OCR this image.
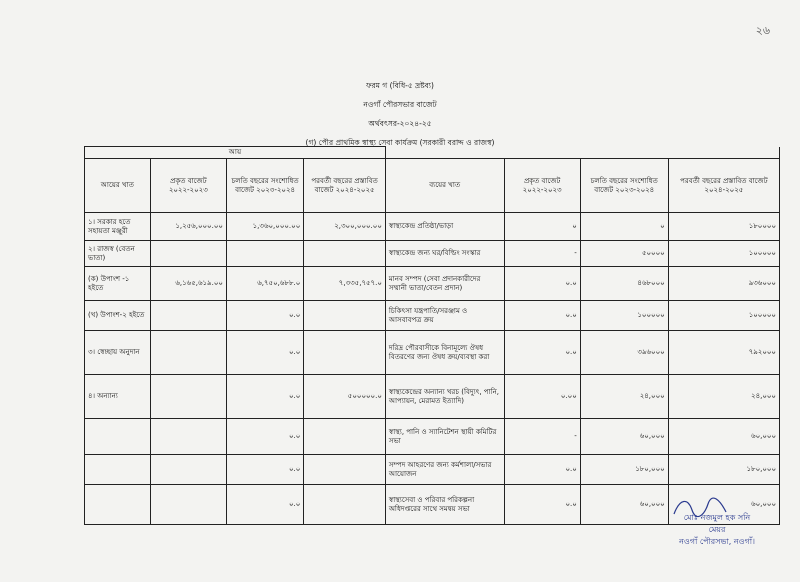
২৬
ফরম গ (বিধি-৫ দ্রষ্টব্য)
নওগাঁ পৌরসভার বাজেট
অর্থবৎসর-২০২৪-২৫
(গ) পৌর প্রাথমিক স্বাস্থ্য সেবা কার্যক্রম (সরকারী বরাদ্দ ও রাজস্ব)
আয়							
আয়ের খাত	প্রকৃত বাজেট ২০২২-২০২৩	চলতি বছরের সংশোধিত বাজেট ২০২৩-২০২৪	পরবর্তী বছরের প্রস্তাবিত বাজেট ২০২৪-২০২৫	ব্যয়ের খাত	প্রকৃত বাজেট ২০২২-২০২৩	চলতি বছরের সংশোধিত বাজেট ২০২৩-২০২৪	পরবর্তী বছরের প্রস্তাবিত বাজেট ২০২৪-২০২৫
১। সরকার হতে সহায়তা মঞ্জুরী	১,২৫৬,০০০.০০	১,৩৬০,০০০.০০	২,৩০০,০০০.০০	স্বাস্থ্যকেন্দ্র প্রতিষ্ঠা/ভাড়া	০	০	১৮০০০০
২। রাজস্ব (বেতন ভাতা)				স্বাস্থ্যকেন্দ্র জন্য ঘর/বিল্ডিং সংস্কার	-	৫০০০০	১০০০০০
(ক) উপাংশ -১ হইতে	৬,১৬৫,৬১৯.০০	৬,৭৫০,৬৮৮.০	৭,৩৩৫,৭৫৭.০	মানব সম্পদ (সেবা প্রদানকারীদের সম্মানী ভাতা/বেতন প্রদান)	০.০	৪৬৮০০০	৯৩৬০০০
(খ) উপাংশ-২ হইতে		০.০		চিকিৎসা যন্ত্রপাতি/সরঞ্জাম ও আসবাবপত্র ক্রয়	০.০	১০০০০০	১০০০০০
৩। স্বেচ্ছায় অনুদান		০.০		দরিদ্র পৌরবাসীকে বিনামূল্যে ঔষধ বিতরণের জন্য ঔষধ ক্রয়/ব্যবস্থা করা	০.০	৩৯৬০০০	৭৯২০০০
৪। অন্যান্য		০.০	৫০০০০০.০	স্বাস্থ্যকেন্দ্রের অন্যান্য খরচ (বিদ্যুৎ, পানি, আপ্যায়ন, মেরামত ইত্যাদি)	০.০০	২৪,০০০	২৪,০০০
		০.০		স্বাস্থ্য, পানি ও স্যানিটেশন স্থায়ী কমিটির সভা	-	৬০,০০০	৬০,০০০
		০.০		সম্পদ আহরণের জন্য কর্মশালা/সভার আয়োজন	০.০	১৮০,০০০	১৮০,০০০
		০.০		স্বাস্থ্যসেবা ও পরিবার পরিকল্পনা অধিদপ্তরের সাথে সমন্বয় সভা	০.০	৬০,০০০	৬০,০০০
মোঃ নজমুল হক সনি
মেয়র
নওগাঁ পৌরসভা, নওগাঁ।
